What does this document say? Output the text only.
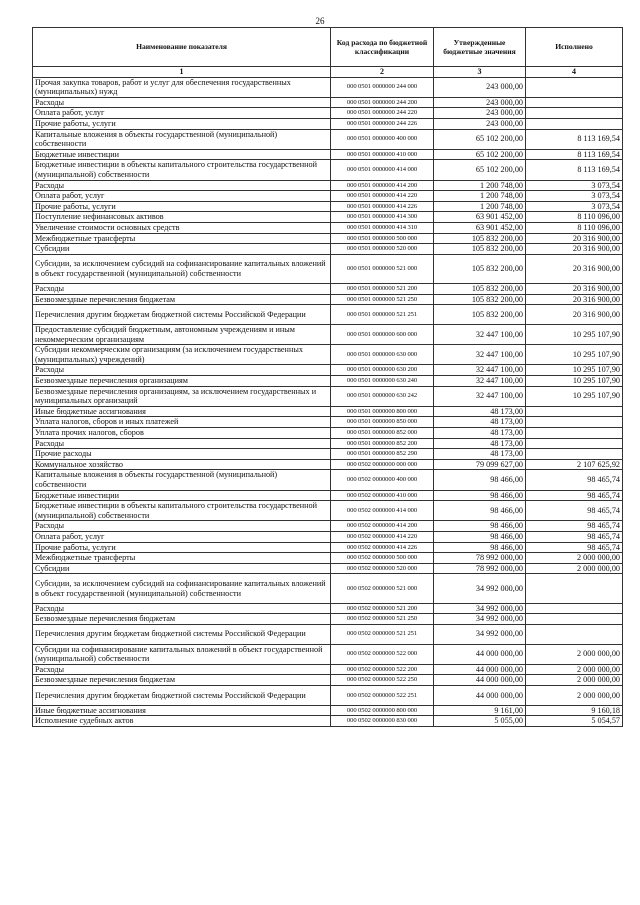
26
Наименование показателя	Код расхода по бюджетной классификации	Утвержденные бюджетные значения	Исполнено
1	2	3	4
Прочая закупка товаров, работ и услуг для обеспечения государственных (муниципальных) нужд	000 0501 0000000 244 000	243 000,00	
Расходы	000 0501 0000000 244 200	243 000,00	
Оплата работ, услуг	000 0501 0000000 244 220	243 000,00	
Прочие работы, услуги	000 0501 0000000 244 226	243 000,00	
Капитальные вложения в объекты государственной (муниципальной) собственности	000 0501 0000000 400 000	65 102 200,00	8 113 169,54
Бюджетные инвестиции	000 0501 0000000 410 000	65 102 200,00	8 113 169,54
Бюджетные инвестиции в объекты капитального строительства государственной (муниципальной) собственности	000 0501 0000000 414 000	65 102 200,00	8 113 169,54
Расходы	000 0501 0000000 414 200	1 200 748,00	3 073,54
Оплата работ, услуг	000 0501 0000000 414 220	1 200 748,00	3 073,54
Прочие работы, услуги	000 0501 0000000 414 226	1 200 748,00	3 073,54
Поступление нефинансовых активов	000 0501 0000000 414 300	63 901 452,00	8 110 096,00
Увеличение стоимости основных средств	000 0501 0000000 414 310	63 901 452,00	8 110 096,00
Межбюджетные трансферты	000 0501 0000000 500 000	105 832 200,00	20 316 900,00
Субсидии	000 0501 0000000 520 000	105 832 200,00	20 316 900,00
Субсидии, за исключением субсидий на софинансирование капитальных вложений в объект государственной (муниципальной) собственности	000 0501 0000000 521 000	105 832 200,00	20 316 900,00
Расходы	000 0501 0000000 521 200	105 832 200,00	20 316 900,00
Безвозмездные перечисления бюджетам	000 0501 0000000 521 250	105 832 200,00	20 316 900,00
Перечисления другим бюджетам бюджетной системы Российской Федерации	000 0501 0000000 521 251	105 832 200,00	20 316 900,00
Предоставление субсидий бюджетным, автономным учреждениям и иным некоммерческим организациям	000 0501 0000000 600 000	32 447 100,00	10 295 107,90
Субсидии некоммерческим организациям (за исключением государственных (муниципальных) учреждений)	000 0501 0000000 630 000	32 447 100,00	10 295 107,90
Расходы	000 0501 0000000 630 200	32 447 100,00	10 295 107,90
Безвозмездные перечисления организациям	000 0501 0000000 630 240	32 447 100,00	10 295 107,90
Безвозмездные перечисления организациям, за исключением государственных и муниципальных организаций	000 0501 0000000 630 242	32 447 100,00	10 295 107,90
Иные бюджетные ассигнования	000 0501 0000000 800 000	48 173,00	
Уплата налогов, сборов и иных платежей	000 0501 0000000 850 000	48 173,00	
Уплата прочих налогов, сборов	000 0501 0000000 852 000	48 173,00	
Расходы	000 0501 0000000 852 200	48 173,00	
Прочие расходы	000 0501 0000000 852 290	48 173,00	
Коммунальное хозяйство	000 0502 0000000 000 000	79 099 627,00	2 107 625,92
Капитальные вложения в объекты государственной (муниципальной) собственности	000 0502 0000000 400 000	98 466,00	98 465,74
Бюджетные инвестиции	000 0502 0000000 410 000	98 466,00	98 465,74
Бюджетные инвестиции в объекты капитального строительства государственной (муниципальной) собственности	000 0502 0000000 414 000	98 466,00	98 465,74
Расходы	000 0502 0000000 414 200	98 466,00	98 465,74
Оплата работ, услуг	000 0502 0000000 414 220	98 466,00	98 465,74
Прочие работы, услуги	000 0502 0000000 414 226	98 466,00	98 465,74
Межбюджетные трансферты	000 0502 0000000 500 000	78 992 000,00	2 000 000,00
Субсидии	000 0502 0000000 520 000	78 992 000,00	2 000 000,00
Субсидии, за исключением субсидий на софинансирование капитальных вложений в объект государственной (муниципальной) собственности	000 0502 0000000 521 000	34 992 000,00	
Расходы	000 0502 0000000 521 200	34 992 000,00	
Безвозмездные перечисления бюджетам	000 0502 0000000 521 250	34 992 000,00	
Перечисления другим бюджетам бюджетной системы Российской Федерации	000 0502 0000000 521 251	34 992 000,00	
Субсидии на софинансирование капитальных вложений в объект государственной (муниципальной) собственности	000 0502 0000000 522 000	44 000 000,00	2 000 000,00
Расходы	000 0502 0000000 522 200	44 000 000,00	2 000 000,00
Безвозмездные перечисления бюджетам	000 0502 0000000 522 250	44 000 000,00	2 000 000,00
Перечисления другим бюджетам бюджетной системы Российской Федерации	000 0502 0000000 522 251	44 000 000,00	2 000 000,00
Иные бюджетные ассигнования	000 0502 0000000 800 000	9 161,00	9 160,18
Исполнение судебных актов	000 0502 0000000 830 000	5 055,00	5 054,57
